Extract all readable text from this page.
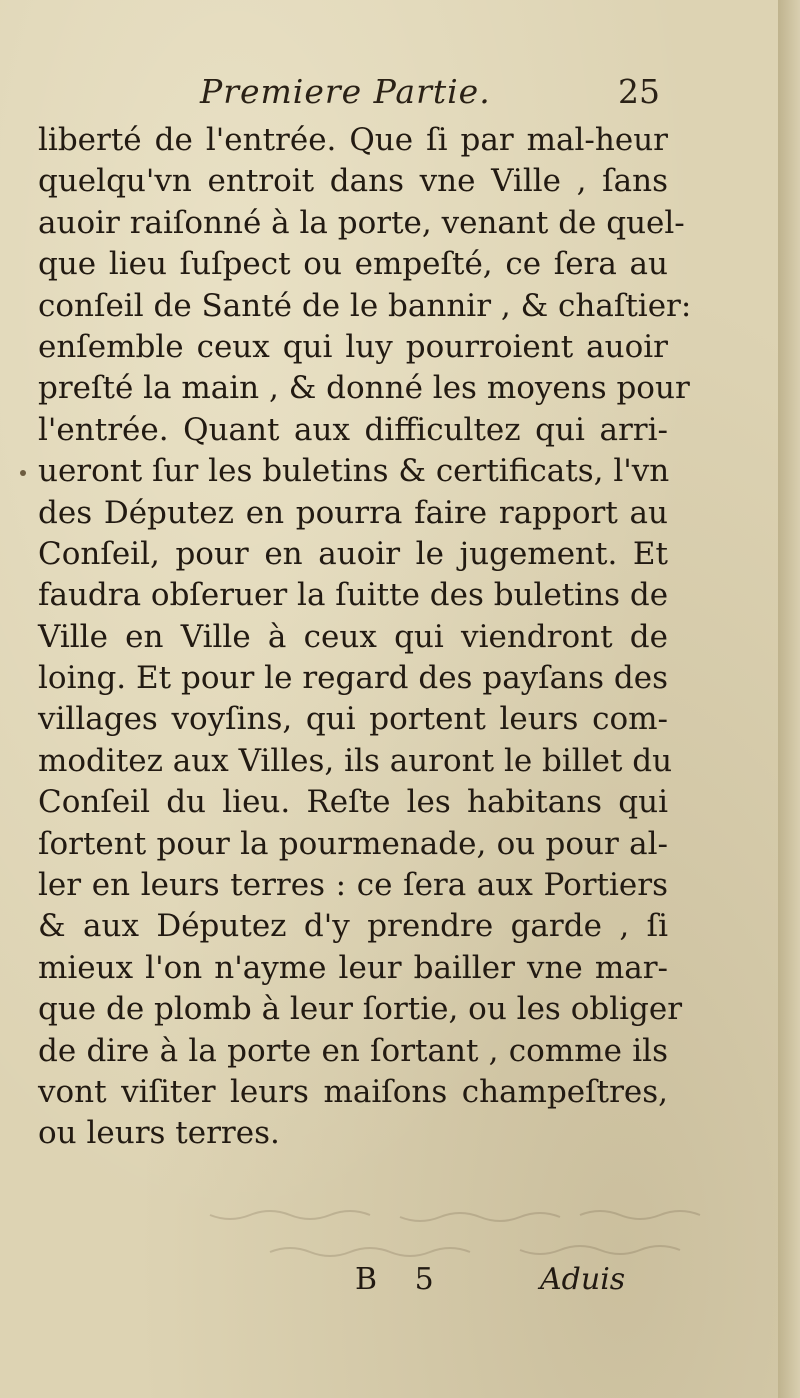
Premiere Partie.	25
liberté de l'entrée. Que ſi par mal-heur
quelqu'vn entroit dans vne Ville , ſans
auoir raiſonné à la porte, venant de quel-
que lieu ſuſpect ou empeſté, ce ſera au
conſeil de Santé de le bannir , & chaſtier:
enſemble ceux qui luy pourroient auoir
preſté la main , & donné les moyens pour
l'entrée. Quant aux difficultez qui arri-
ueront ſur les buletins & certificats, l'vn
des Députez en pourra faire rapport au
Conſeil, pour en auoir le jugement. Et
faudra obſeruer la ſuitte des buletins de
Ville en Ville à ceux qui viendront de
loing. Et pour le regard des payſans des
villages voyſins, qui portent leurs com-
moditez aux Villes, ils auront le billet du
Conſeil du lieu. Reſte les habitans qui
ſortent pour la pourmenade, ou pour al-
ler en leurs terres : ce ſera aux Portiers
& aux Députez d'y prendre garde , ſi
mieux l'on n'ayme leur bailler vne mar-
que de plomb à leur ſortie, ou les obliger
de dire à la porte en ſortant , comme ils
vont viſiter leurs maiſons champeſtres,
ou leurs terres.
B 5	Aduis
